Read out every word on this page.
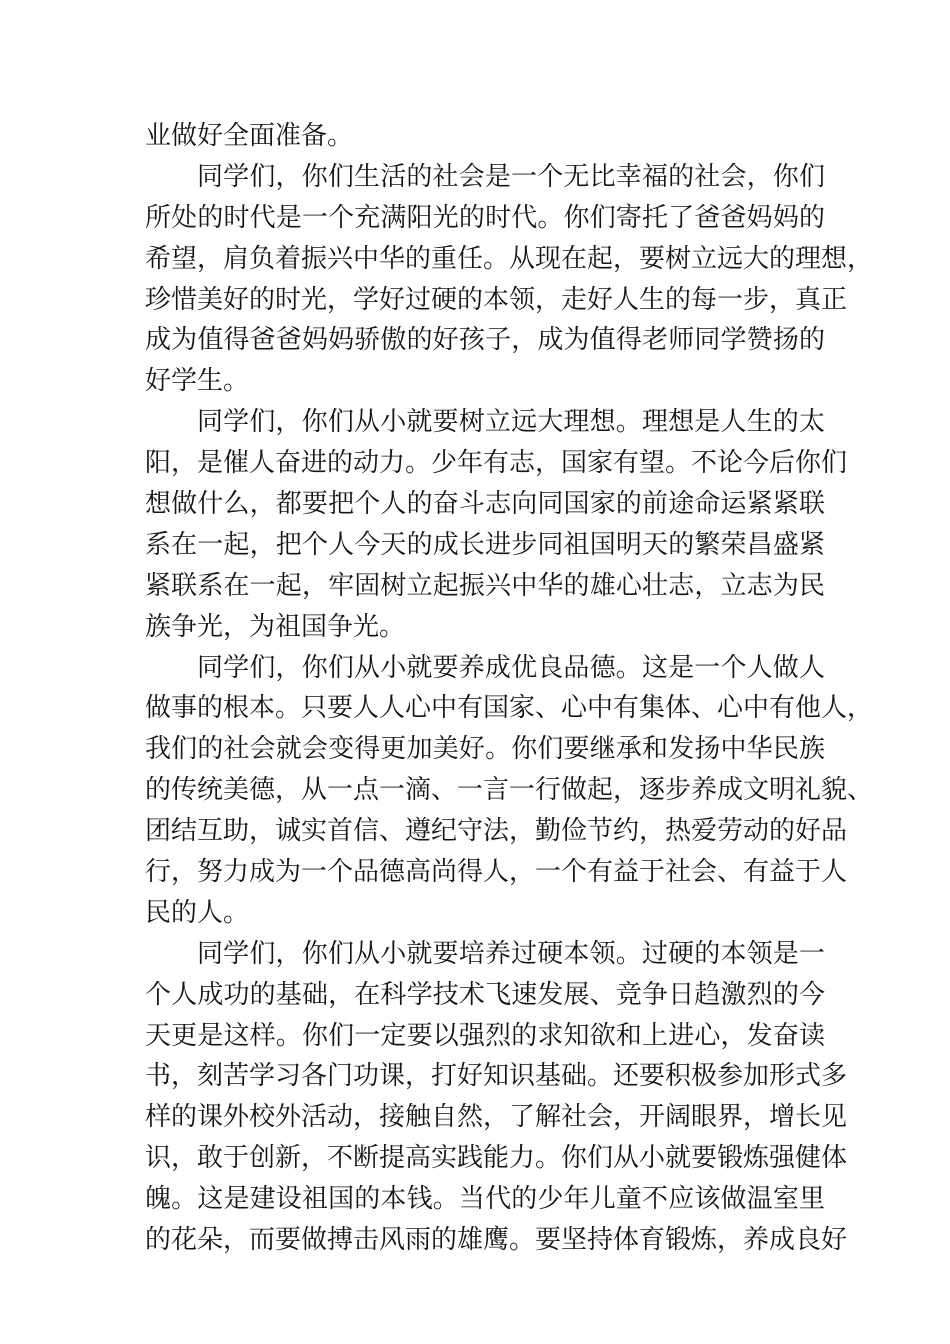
业做好全面准备。
同学们，你们生活的社会是一个无比幸福的社会，你们
所处的时代是一个充满阳光的时代。你们寄托了爸爸妈妈的
希望，肩负着振兴中华的重任。从现在起，要树立远大的理想，
珍惜美好的时光，学好过硬的本领，走好人生的每一步，真正
成为值得爸爸妈妈骄傲的好孩子，成为值得老师同学赞扬的
好学生。
同学们，你们从小就要树立远大理想。理想是人生的太
阳，是催人奋进的动力。少年有志，国家有望。不论今后你们
想做什么，都要把个人的奋斗志向同国家的前途命运紧紧联
系在一起，把个人今天的成长进步同祖国明天的繁荣昌盛紧
紧联系在一起，牢固树立起振兴中华的雄心壮志，立志为民
族争光，为祖国争光。
同学们，你们从小就要养成优良品德。这是一个人做人
做事的根本。只要人人心中有国家、心中有集体、心中有他人，
我们的社会就会变得更加美好。你们要继承和发扬中华民族
的传统美德，从一点一滴、一言一行做起，逐步养成文明礼貌、
团结互助，诚实首信、遵纪守法，勤俭节约，热爱劳动的好品
行，努力成为一个品德高尚得人，一个有益于社会、有益于人
民的人。
同学们，你们从小就要培养过硬本领。过硬的本领是一
个人成功的基础，在科学技术飞速发展、竞争日趋激烈的今
天更是这样。你们一定要以强烈的求知欲和上进心，发奋读
书，刻苦学习各门功课，打好知识基础。还要积极参加形式多
样的课外校外活动，接触自然，了解社会，开阔眼界，增长见
识，敢于创新，不断提高实践能力。你们从小就要锻炼强健体
魄。这是建设祖国的本钱。当代的少年儿童不应该做温室里
的花朵，而要做搏击风雨的雄鹰。要坚持体育锻炼，养成良好
